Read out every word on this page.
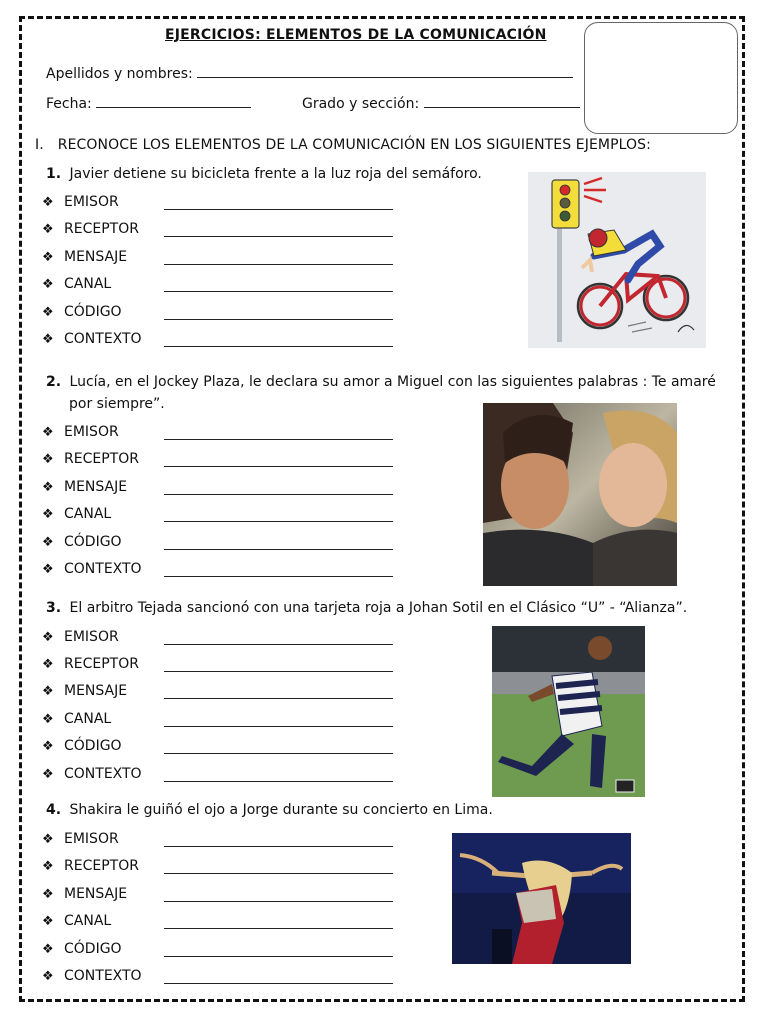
EJERCICIOS: ELEMENTOS DE LA COMUNICACIÓN
Apellidos y nombres:
Fecha:	Grado y sección:
I. RECONOCE LOS ELEMENTOS DE LA COMUNICACIÓN EN LOS SIGUIENTES EJEMPLOS:
1. Javier detiene su bicicleta frente a la luz roja del semáforo.
2. Lucía, en el Jockey Plaza, le declara su amor a Miguel con las siguientes palabras : Te amaré
por siempre”.
3. El arbitro Tejada sancionó con una tarjeta roja a Johan Sotil en el Clásico “U” - “Alianza”.
4. Shakira le guiñó el ojo a Jorge durante su concierto en Lima.
❖ EMISOR
❖ RECEPTOR
❖ MENSAJE
❖ CANAL
❖ CÓDIGO
❖ CONTEXTO
❖ EMISOR
❖ RECEPTOR
❖ MENSAJE
❖ CANAL
❖ CÓDIGO
❖ CONTEXTO
❖ EMISOR
❖ RECEPTOR
❖ MENSAJE
❖ CANAL
❖ CÓDIGO
❖ CONTEXTO
❖ EMISOR
❖ RECEPTOR
❖ MENSAJE
❖ CANAL
❖ CÓDIGO
❖ CONTEXTO
